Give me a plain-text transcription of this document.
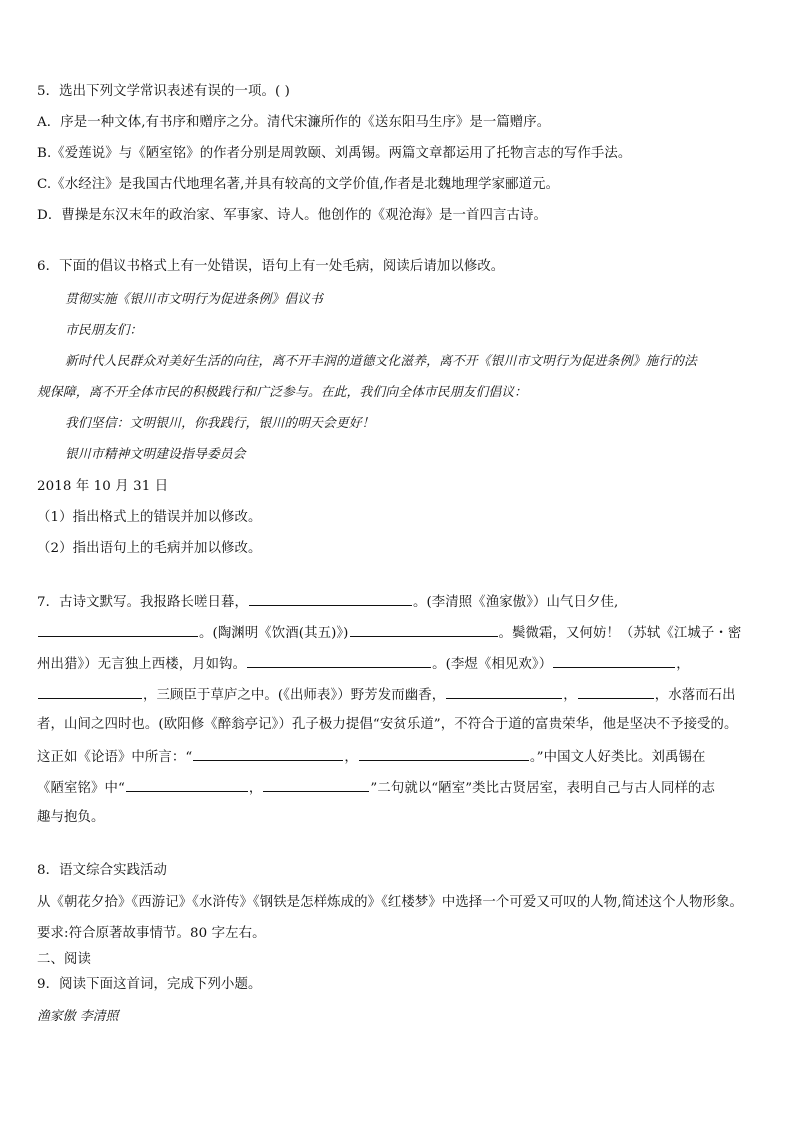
5．选出下列文学常识表述有误的一项。( )
A．序是一种文体,有书序和赠序之分。清代宋濂所作的《送东阳马生序》是一篇赠序。
B.《爱莲说》与《陋室铭》的作者分别是周敦颐、刘禹锡。两篇文章都运用了托物言志的写作手法。
C.《水经注》是我国古代地理名著,并具有较高的文学价值,作者是北魏地理学家郦道元。
D．曹操是东汉末年的政治家、军事家、诗人。他创作的《观沧海》是一首四言古诗。
6．下面的倡议书格式上有一处错误，语句上有一处毛病，阅读后请加以修改。
贯彻实施《银川市文明行为促进条例》倡议书
市民朋友们：
新时代人民群众对美好生活的向往，离不开丰润的道德文化滋养，离不开《银川市文明行为促进条例》施行的法
规保障，离不开全体市民的积极践行和广泛参与。在此，我们向全体市民朋友们倡议：
我们坚信：文明银川，你我践行，银川的明天会更好！
银川市精神文明建设指导委员会
2018 年 10 月 31 日
（1）指出格式上的错误并加以修改。
（2）指出语句上的毛病并加以修改。
7．古诗文默写。我报路长嗟日暮，	。(李清照《渔家傲》）山气日夕佳,
。(陶渊明《饮酒(其五)》)	。鬓微霜，又何妨！（苏轼《江城子・密
州出猎》）无言独上西楼，月如钩。	。(李煜《相见欢》）	，
，三顾臣于草庐之中。(《出师表》）野芳发而幽香，	，	，水落而石出
者，山间之四时也。(欧阳修《醉翁亭记》）孔子极力提倡“安贫乐道”，不符合于道的富贵荣华，他是坚决不予接受的。
这正如《论语》中所言：“	，	。”中国文人好类比。刘禹锡在
《陋室铭》中“	，	”二句就以“陋室”类比古贤居室，表明自己与古人同样的志
趣与抱负。
8．语文综合实践活动
从《朝花夕拾》《西游记》《水浒传》《钢铁是怎样炼成的》《红楼梦》中选择一个可爱又可叹的人物,简述这个人物形象。
要求:符合原著故事情节。80 字左右。
二、阅读
9．阅读下面这首词，完成下列小题。
渔家傲 李清照
